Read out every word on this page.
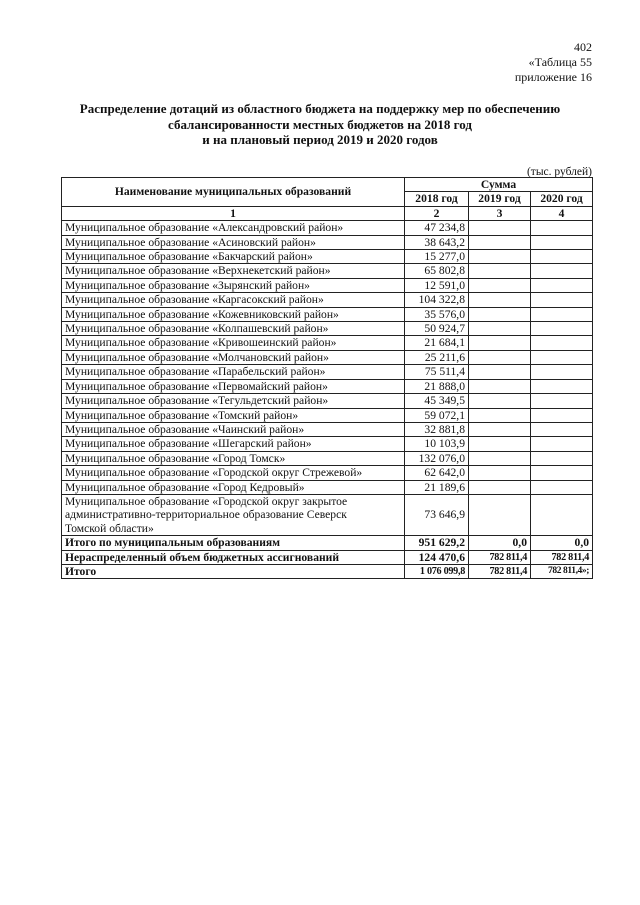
402
«Таблица 55
приложение 16
Распределение дотаций из областного бюджета на поддержку мер по обеспечению
сбалансированности местных бюджетов на 2018 год
и на плановый период 2019 и 2020 годов
(тыс. рублей)
Наименование муниципальных образований	Сумма		
	2018 год	2019 год	2020 год
1	2	3	4
Муниципальное образование «Александровский район»	47 234,8		
Муниципальное образование «Асиновский район»	38 643,2		
Муниципальное образование «Бакчарский район»	15 277,0		
Муниципальное образование «Верхнекетский район»	65 802,8		
Муниципальное образование «Зырянский район»	12 591,0		
Муниципальное образование «Каргасокский район»	104 322,8		
Муниципальное образование «Кожевниковский район»	35 576,0		
Муниципальное образование «Колпашевский район»	50 924,7		
Муниципальное образование «Кривошеинский район»	21 684,1		
Муниципальное образование «Молчановский район»	25 211,6		
Муниципальное образование «Парабельский район»	75 511,4		
Муниципальное образование «Первомайский район»	21 888,0		
Муниципальное образование «Тегульдетский район»	45 349,5		
Муниципальное образование «Томский район»	59 072,1		
Муниципальное образование «Чаинский район»	32 881,8		
Муниципальное образование «Шегарский район»	10 103,9		
Муниципальное образование «Город Томск»	132 076,0		
Муниципальное образование «Городской округ Стрежевой»	62 642,0		
Муниципальное образование «Город Кедровый»	21 189,6		

Муниципальное образование «Городской округ закрытое
административно-территориальное образование Северск
Томской области»	73 646,9		
Итого по муниципальным образованиям	951 629,2	0,0	0,0
Нераспределенный объем бюджетных ассигнований	124 470,6	782 811,4	782 811,4
Итого	1 076 099,8	782 811,4	782 811,4»;
